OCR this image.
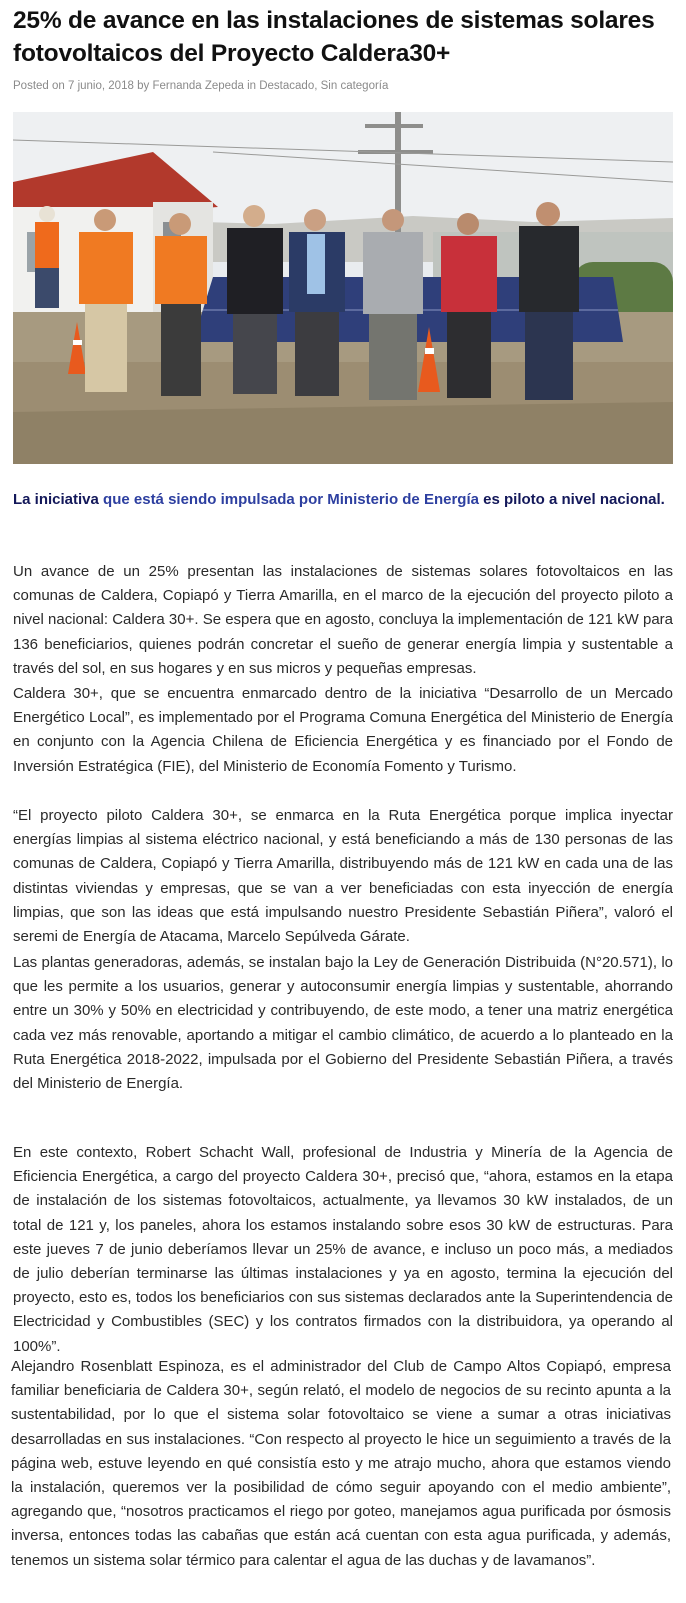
25% de avance en las instalaciones de sistemas solares fotovoltaicos del Proyecto Caldera30+
Posted on 7 junio, 2018 by Fernanda Zepeda in Destacado, Sin categoría
La iniciativa que está siendo impulsada por Ministerio de Energía es piloto a nivel nacional.

Un avance de un 25% presentan las instalaciones de sistemas solares fotovoltaicos en las comunas de Caldera, Copiapó y Tierra Amarilla, en el marco de la ejecución del proyecto piloto a nivel nacional: Caldera 30+. Se espera que en agosto, concluya la implementación de 121 kW para 136 beneficiarios, quienes podrán concretar el sueño de generar energía limpia y sustentable a través del sol, en sus hogares y en sus micros y pequeñas empresas.

Caldera 30+, que se encuentra enmarcado dentro de la iniciativa “Desarrollo de un Mercado Energético Local”, es implementado por el Programa Comuna Energética del Ministerio de Energía en conjunto con la Agencia Chilena de Eficiencia Energética y es financiado por el Fondo de Inversión Estratégica (FIE), del Ministerio de Economía Fomento y Turismo.

“El proyecto piloto Caldera 30+, se enmarca en la Ruta Energética porque implica inyectar energías limpias al sistema eléctrico nacional, y está beneficiando a más de 130 personas de las comunas de Caldera, Copiapó y Tierra Amarilla, distribuyendo más de 121 kW en cada una de las distintas viviendas y empresas, que se van a ver beneficiadas con esta inyección de energía limpias, que son las ideas que está impulsando nuestro Presidente Sebastián Piñera”, valoró el seremi de Energía de Atacama, Marcelo Sepúlveda Gárate.

Las plantas generadoras, además, se instalan bajo la Ley de Generación Distribuida (N°20.571), lo que les permite a los usuarios, generar y autoconsumir energía limpias y sustentable, ahorrando entre un 30% y 50% en electricidad y contribuyendo, de este modo, a tener una matriz energética cada vez más renovable, aportando a mitigar el cambio climático, de acuerdo a lo planteado en la Ruta Energética 2018-2022, impulsada por el Gobierno del Presidente Sebastián Piñera, a través del Ministerio de Energía.

En este contexto, Robert Schacht Wall, profesional de Industria y Minería de la Agencia de Eficiencia Energética, a cargo del proyecto Caldera 30+, precisó que, “ahora, estamos en la etapa de instalación de los sistemas fotovoltaicos, actualmente, ya llevamos 30 kW instalados, de un total de 121 y, los paneles, ahora los estamos instalando sobre esos 30 kW de estructuras. Para este jueves 7 de junio deberíamos llevar un 25% de avance, e incluso un poco más, a mediados de julio deberían terminarse las últimas instalaciones y ya en agosto, termina la ejecución del proyecto, esto es, todos los beneficiarios con sus sistemas declarados ante la Superintendencia de Electricidad y Combustibles (SEC) y los contratos firmados con la distribuidora, ya operando al 100%”.

Alejandro Rosenblatt Espinoza, es el administrador del Club de Campo Altos Copiapó, empresa familiar beneficiaria de Caldera 30+, según relató, el modelo de negocios de su recinto apunta a la sustentabilidad, por lo que el sistema solar fotovoltaico se viene a sumar a otras iniciativas desarrolladas en sus instalaciones. “Con respecto al proyecto le hice un seguimiento a través de la página web, estuve leyendo en qué consistía esto y me atrajo mucho, ahora que estamos viendo la instalación, queremos ver la posibilidad de cómo seguir apoyando con el medio ambiente”, agregando que, “nosotros practicamos el riego por goteo, manejamos agua purificada por ósmosis inversa, entonces todas las cabañas que están acá cuentan con esta agua purificada, y además, tenemos un sistema solar térmico para calentar el agua de las duchas y de lavamanos”.
